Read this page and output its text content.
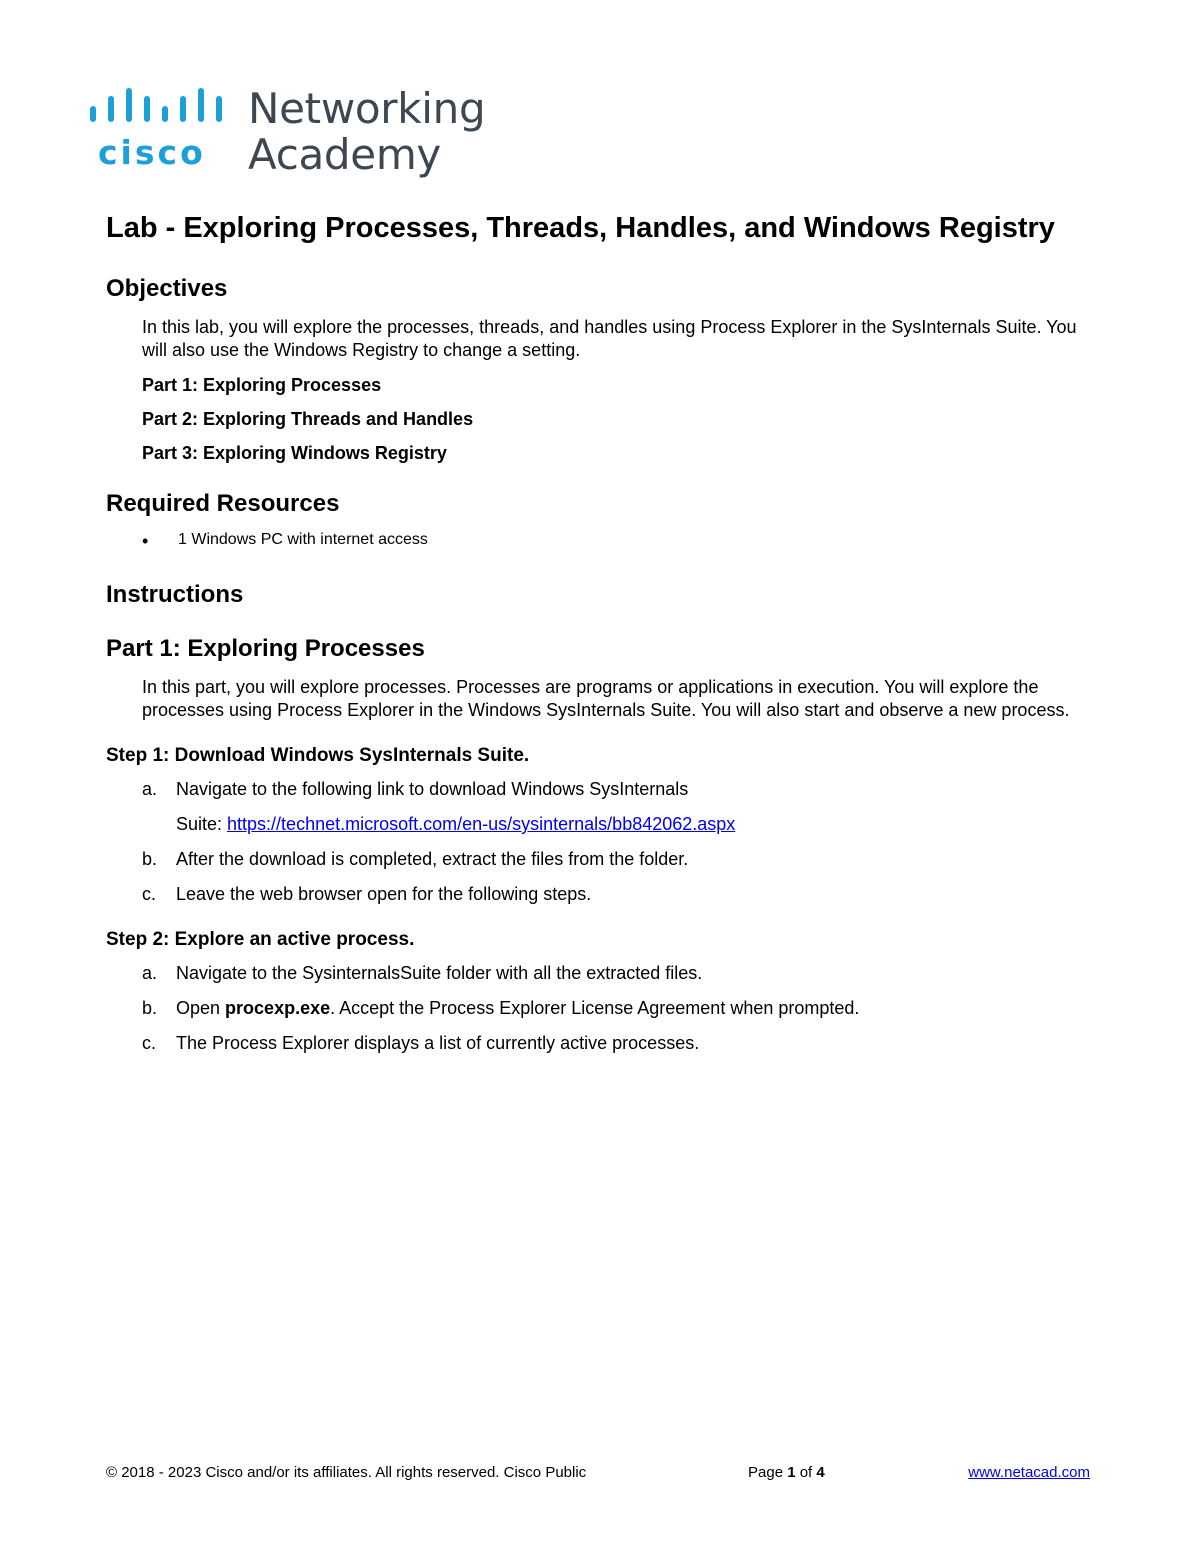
cisco
Networking
Academy
Lab - Exploring Processes, Threads, Handles, and Windows Registry
Objectives

In this lab, you will explore the processes, threads, and handles using Process Explorer in the SysInternals Suite. You will also use the Windows Registry to change a setting.

Part 1: Exploring Processes

Part 2: Exploring Threads and Handles

Part 3: Exploring Windows Registry

Required Resources
•	1 Windows PC with internet access
Instructions
Part 1: Exploring Processes

In this part, you will explore processes. Processes are programs or applications in execution. You will explore the processes using Process Explorer in the Windows SysInternals Suite. You will also start and observe a new process.

Step 1: Download Windows SysInternals Suite.
a.	Navigate to the following link to download Windows SysInternals
Suite: https://technet.microsoft.com/en-us/sysinternals/bb842062.aspx
b.	After the download is completed, extract the files from the folder.
c.	Leave the web browser open for the following steps.
Step 2: Explore an active process.
a.	Navigate to the SysinternalsSuite folder with all the extracted files.
b.	Open procexp.exe. Accept the Process Explorer License Agreement when prompted.
c.	The Process Explorer displays a list of currently active processes.
© 2018 - 2023 Cisco and/or its affiliates. All rights reserved. Cisco Public	Page 1 of 4	www.netacad.com
